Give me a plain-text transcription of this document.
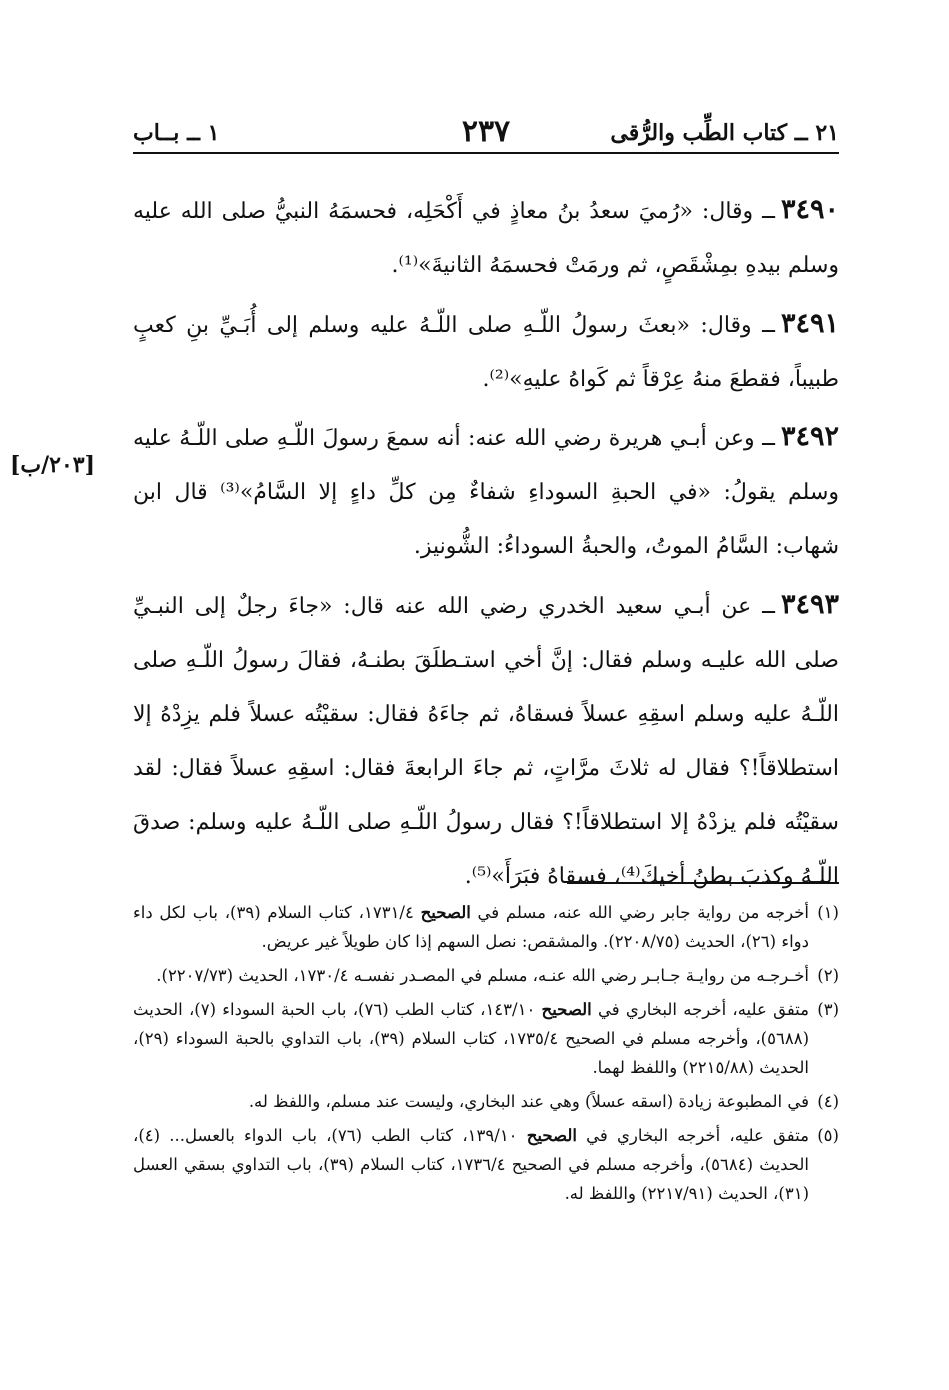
٢١ ــ كتاب الطِّب والرُّقى
٢٣٧
١ ــ بــاب
[٢٠٣/ب]
٣٤٩٠ــ وقال: «رُميَ سعدُ بنُ معاذٍ في أَكْحَلِه، فحسمَهُ النبيُّ صلى الله عليه وسلم بيدهِ بمِشْقَصٍ، ثم ورمَتْ فحسمَهُ الثانيةَ»⁽¹⁾.
٣٤٩١ــ وقال: «بعثَ رسولُ اللّـهِ صلى اللّـهُ عليه وسلم إلى أُبَـيِّ بنِ كعبٍ طبيباً، فقطعَ منهُ عِرْقاً ثم كَواهُ عليهِ»⁽²⁾.
٣٤٩٢ــ وعن أبـي هريرة رضي الله عنه: أنه سمعَ رسولَ اللّـهِ صلى اللّـهُ عليه وسلم يقولُ: «في الحبةِ السوداءِ شفاءٌ مِن كلِّ داءٍ إلا السَّامُ»⁽³⁾ قال ابن شهاب: السَّامُ الموتُ، والحبةُ السوداءُ: الشُّونيز.
٣٤٩٣ــ عن أبـي سعيد الخدري رضي الله عنه قال: «جاءَ رجلٌ إلى النبـيِّ صلى الله عليـه وسلم فقال: إنَّ أخي استـطلَقَ بطنـهُ، فقالَ رسولُ اللّـهِ صلى اللّـهُ عليه وسلم اسقِهِ عسلاً فسقاهُ، ثم جاءَهُ فقال: سقيْتُه عسلاً فلم يزِدْهُ إلا استطلاقاً!؟ فقال له ثلاثَ مرَّاتٍ، ثم جاءَ الرابعةَ فقال: اسقِهِ عسلاً فقال: لقد سقيْتُه فلم يزدْهُ إلا استطلاقاً!؟ فقال رسولُ اللّـهِ صلى اللّـهُ عليه وسلم: صدقَ اللّـهُ وكذبَ بطنُ أخيكَ⁽⁴⁾، فسقاهُ فبَرَأَ»⁽⁵⁾.
(١)أخرجه من رواية جابر رضي الله عنه، مسلم في الصحيح ١٧٣١/٤، كتاب السلام (٣٩)، باب لكل داء دواء (٢٦)، الحديث (٢٢٠٨/٧٥). والمشقص: نصل السهم إذا كان طويلاً غير عريض.
(٢)أخـرجـه من روايـة جـابـر رضي الله عنـه، مسلم في المصـدر نفسـه ١٧٣٠/٤، الحديث (٢٢٠٧/٧٣).
(٣)متفق عليه، أخرجه البخاري في الصحيح ١٤٣/١٠، كتاب الطب (٧٦)، باب الحبة السوداء (٧)، الحديث (٥٦٨٨)، وأخرجه مسلم في الصحيح ١٧٣٥/٤، كتاب السلام (٣٩)، باب التداوي بالحبة السوداء (٢٩)، الحديث (٢٢١٥/٨٨) واللفظ لهما.
(٤)في المطبوعة زيادة (اسقه عسلاً) وهي عند البخاري، وليست عند مسلم، واللفظ له.
(٥)متفق عليه، أخرجه البخاري في الصحيح ١٣٩/١٠، كتاب الطب (٧٦)، باب الدواء بالعسل... (٤)، الحديث (٥٦٨٤)، وأخرجه مسلم في الصحيح ١٧٣٦/٤، كتاب السلام (٣٩)، باب التداوي بسقي العسل (٣١)، الحديث (٢٢١٧/٩١) واللفظ له.
